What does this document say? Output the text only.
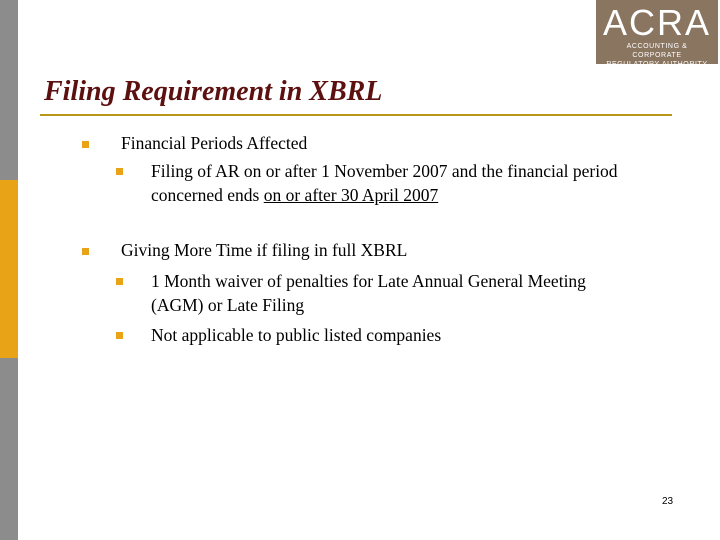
ACRA
ACCOUNTING & CORPORATE
REGULATORY AUTHORITY
Filing Requirement in XBRL
Financial Periods Affected
Filing of AR on or after 1 November 2007 and the financial period
concerned ends on or after 30 April 2007
Giving More Time if filing in full XBRL
1 Month waiver of penalties for Late Annual General Meeting
(AGM) or Late Filing
Not applicable to public listed companies
23
